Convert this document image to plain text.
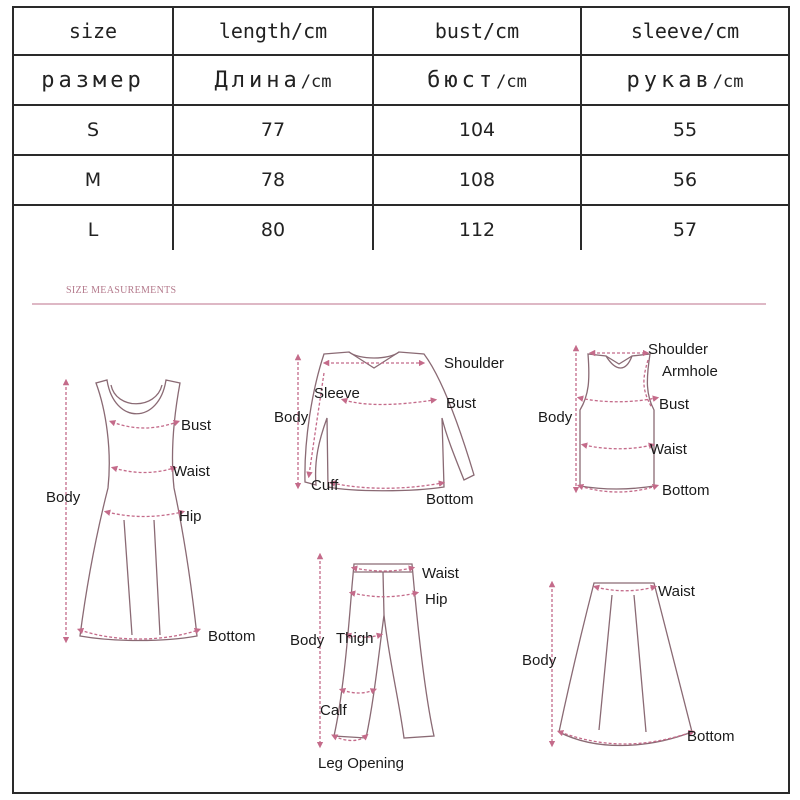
size	length/cm	bust/cm	sleeve/cm
размер	Длина/cm	бюст/cm	рукав/cm
S	77	104	55
M	78	108	56
L	80	112	57
SIZE MEASUREMENTS
Bust
Waist
Body
Hip
Bottom
Shoulder
Sleeve
Bust
Body
Cuff
Bottom
Shoulder
Armhole
Body
Bust
Waist
Bottom
Waist
Hip
Body Thigh
Calf
Leg Opening
Waist
Body
Bottom
